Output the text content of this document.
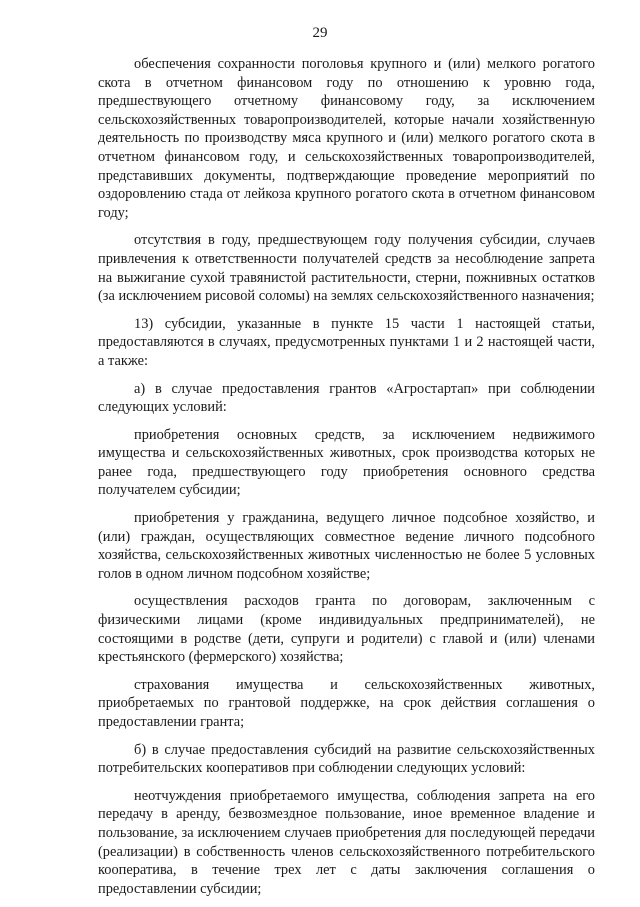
29

обеспечения сохранности поголовья крупного и (или) мелкого рогатого скота в отчетном финансовом году по отношению к уровню года, предшествующего отчетному финансовому году, за исключением сельскохозяйственных товаропроизводителей, которые начали хозяйственную деятельность по производству мяса крупного и (или) мелкого рогатого скота в отчетном финансовом году, и сельскохозяйственных товаропроизводителей, представивших документы, подтверждающие проведение мероприятий по оздоровлению стада от лейкоза крупного рогатого скота в отчетном финансовом году;

отсутствия в году, предшествующем году получения субсидии, случаев привлечения к ответственности получателей средств за несоблюдение запрета на выжигание сухой травянистой растительности, стерни, пожнивных остатков (за исключением рисовой соломы) на землях сельскохозяйственного назначения;

13) субсидии, указанные в пункте 15 части 1 настоящей статьи, предоставляются в случаях, предусмотренных пунктами 1 и 2 настоящей части, а также:

а) в случае предоставления грантов «Агростартап» при соблюдении следующих условий:

приобретения основных средств, за исключением недвижимого имущества и сельскохозяйственных животных, срок производства которых не ранее года, предшествующего году приобретения основного средства получателем субсидии;

приобретения у гражданина, ведущего личное подсобное хозяйство, и (или) граждан, осуществляющих совместное ведение личного подсобного хозяйства, сельскохозяйственных животных численностью не более 5 условных голов в одном личном подсобном хозяйстве;

осуществления расходов гранта по договорам, заключенным с физическими лицами (кроме индивидуальных предпринимателей), не состоящими в родстве (дети, супруги и родители) с главой и (или) членами крестьянского (фермерского) хозяйства;

страхования имущества и сельскохозяйственных животных, приобретаемых по грантовой поддержке, на срок действия соглашения о предоставлении гранта;

б) в случае предоставления субсидий на развитие сельскохозяйственных потребительских кооперативов при соблюдении следующих условий:

неотчуждения приобретаемого имущества, соблюдения запрета на его передачу в аренду, безвозмездное пользование, иное временное владение и пользование, за исключением случаев приобретения для последующей передачи (реализации) в собственность членов сельскохозяйственного потребительского кооператива, в течение трех лет с даты заключения соглашения о предоставлении субсидии;
